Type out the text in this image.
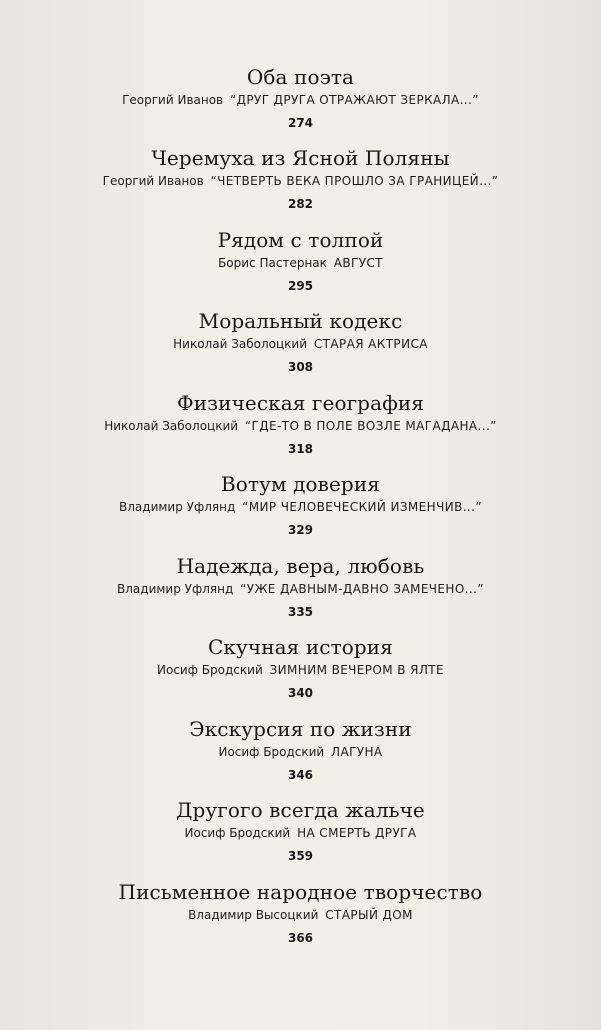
Оба поэта
Георгий Иванов “ДРУГ ДРУГА ОТРАЖАЮТ ЗЕРКАЛА...”
274
Черемуха из Ясной Поляны
Георгий Иванов “ЧЕТВЕРТЬ ВЕКА ПРОШЛО ЗА ГРАНИЦЕЙ...”
282
Рядом с толпой
Борис Пастернак АВГУСТ
295
Моральный кодекс
Николай Заболоцкий СТАРАЯ АКТРИСА
308
Физическая география
Николай Заболоцкий “ГДЕ-ТО В ПОЛЕ ВОЗЛЕ МАГАДАНА...”
318
Вотум доверия
Владимир Уфлянд “МИР ЧЕЛОВЕЧЕСКИЙ ИЗМЕНЧИВ...”
329
Надежда, вера, любовь
Владимир Уфлянд “УЖЕ ДАВНЫМ-ДАВНО ЗАМЕЧЕНО...”
335
Скучная история
Иосиф Бродский ЗИМНИМ ВЕЧЕРОМ В ЯЛТЕ
340
Экскурсия по жизни
Иосиф Бродский ЛАГУНА
346
Другого всегда жальче
Иосиф Бродский НА СМЕРТЬ ДРУГА
359
Письменное народное творчество
Владимир Высоцкий СТАРЫЙ ДОМ
366
